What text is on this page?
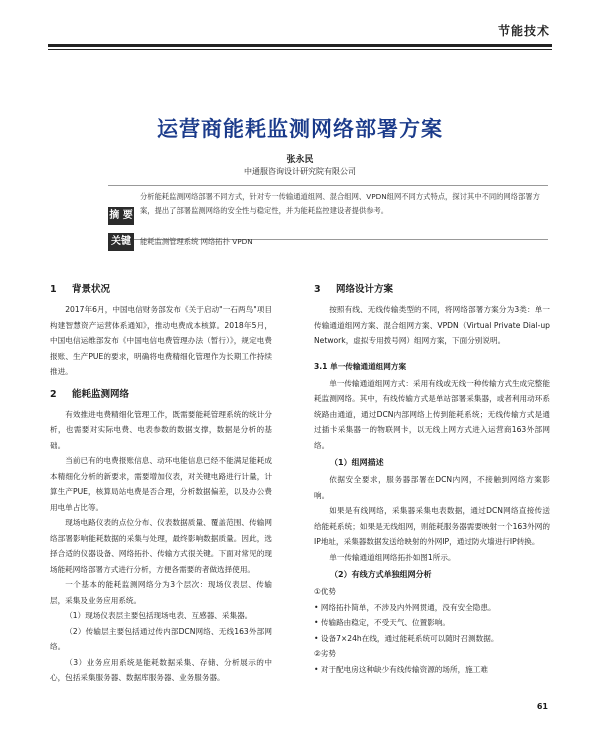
节能技术
运营商能耗监测网络部署方案
张永民
中通服咨询设计研究院有限公司
摘 要
分析能耗监测网络部署不同方式，针对专一传输通道组网、混合组网、VPDN组网不同方式特点，探讨其中不同的网络部署方案，提出了部署监测网络的安全性与稳定性，并为能耗监控建设者提供参考。
关键词
能耗监测管理系统 网络拓扑 VPDN
1 背景状况

2017年6月，中国电信财务部发布《关于启动"一石两鸟"项目构建智慧资产运营体系通知》，推动电费成本核算。2018年5月，中国电信运维部发布《中国电信电费管理办法（暂行）》，规定电费报账、生产PUE的要求，明确将电费精细化管理作为长期工作持续推进。

2 能耗监测网络

有效推进电费精细化管理工作，既需要能耗管理系统的统计分析，也需要对实际电费、电表参数的数据支撑，数据是分析的基础。

当前已有的电费报账信息、动环电能信息已经不能满足能耗成本精细化分析的新要求，需要增加仪表，对关键电路进行计量，计算生产PUE，核算局站电费是否合理，分析数据偏差，以及办公费用电单占比等。

现场电路仪表的点位分布、仪表数据质量、覆盖范围、传输网络部署影响能耗数据的采集与处理，最终影响数据质量。因此，选择合适的仪器设备、网络拓扑、传输方式很关键。下面对常见的现场能耗网络部署方式进行分析，方便各需要的者做选择使用。

一个基本的能耗监测网络分为3个层次：现场仪表层、传输层，采集及业务应用系统。

（1）现场仪表层主要包括现场电表、互感器、采集器。

（2）传输层主要包括通过传内部DCN网络、无线163外部网络。

（3）业务应用系统是能耗数据采集、存储、分析展示的中心，包括采集服务器、数据库服务器、业务服务器。

3 网络设计方案

按照有线、无线传输类型的不同，将网络部署方案分为3类：单一传输通道组网方案、混合组网方案、VPDN（Virtual Private Dial-up Network，虚拟专用拨号网）组网方案，下面分别说明。

3.1 单一传输通道组网方案

单一传输通道组网方式：采用有线或无线一种传输方式生成完整能耗监测网络。其中，有线传输方式是单站部署采集器，或者利用动环系统路由通道，通过DCN内部网络上传到能耗系统；无线传输方式是通过插卡采集器一的物联网卡，以无线上网方式进入运营商163外部网络。

（1）组网描述

依据安全要求，服务器部署在DCN内网，不接触到网络方案影响。

如果是有线网络，采集器采集电表数据，通过DCN网络直接传送给能耗系统；如果是无线组网，则能耗服务器需要映射一个163外网的IP地址，采集器数据发送给映射的外网IP，通过防火墙进行IP转换。

单一传输通道组网络拓扑如图1所示。

（2）有线方式单独组网分析

①优势

• 网络拓扑简单，不涉及内外网贯通，没有安全隐患。

• 传输路由稳定，不受天气、位置影响。

• 设备7×24h在线，通过能耗系统可以随时召测数据。

②劣势

• 对于配电房这种缺少有线传输资源的场所，施工难

61
